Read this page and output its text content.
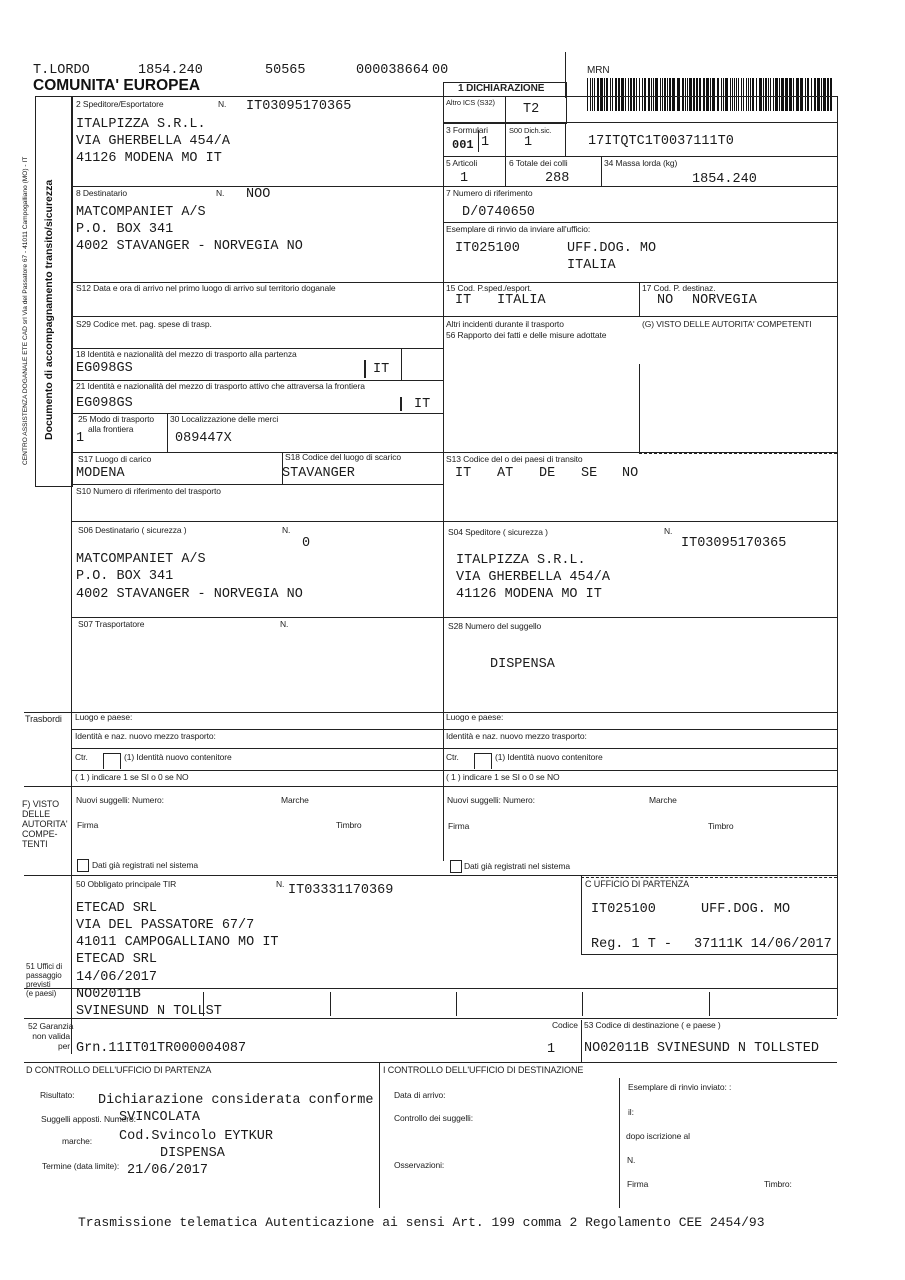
T.LORDO	1854.240	50565	000038664 00
COMUNITA' EUROPEA
MRN
Documento di accompagnamento transito/sicurezza
CENTRO ASSISTENZA DOGANALE ETE CAD srl Via del Passatore 67 - 41011 Campogalliano (MO) - IT
1 DICHIARAZIONE
Altro ICS (S32) T2
2 Speditore/Esportatore	N. IT03095170365
ITALPIZZA S.R.L.
VIA GHERBELLA 454/A
41126 MODENA MO IT
3 Formulari
001 1
S00 Dich.sic.
1	17ITQTC1T0037111T0
5 Articoli
1
6 Totale dei colli
288
34 Massa lorda (kg)
1854.240
8 Destinatario	N. NOO
MATCOMPANIET A/S
P.O. BOX 341
4002 STAVANGER - NORVEGIA NO
7 Numero di riferimento
D/0740650
Esemplare di rinvio da inviare all'ufficio:
IT025100	UFF.DOG. MO
ITALIA
S12 Data e ora di arrivo nel primo luogo di arrivo sul territorio doganale	15 Cod. P.sped./esport.
IT ITALIA
17 Cod. P. destinaz.
NO NORVEGIA
S29 Codice met. pag. spese di trasp.	Altri incidenti durante il trasporto
56 Rapporto dei fatti e delle misure adottate
(G) VISTO DELLE AUTORITA' COMPETENTI
18 Identità e nazionalità del mezzo di trasporto alla partenza
EG098GS	IT
21 Identità e nazionalità del mezzo di trasporto attivo che attraversa la frontiera
EG098GS	IT
25 Modo di trasporto
alla frontiera
1
30 Localizzazione delle merci
089447X
S17 Luogo di carico
MODENA
S18 Codice del luogo di scarico
STAVANGER
S13 Codice del o dei paesi di transito
IT AT DE SE NO
S10 Numero di riferimento del trasporto
S06 Destinatario ( sicurezza )	N.
0
MATCOMPANIET A/S
P.O. BOX 341
4002 STAVANGER - NORVEGIA NO
S04 Speditore ( sicurezza )	N.
IT03095170365
ITALPIZZA S.R.L.
VIA GHERBELLA 454/A
41126 MODENA MO IT
S07 Trasportatore	N.	S28 Numero del suggello
DISPENSA
Trasbordi Luogo e paese:	Luogo e paese:
Identità e naz. nuovo mezzo trasporto:	Identità e naz. nuovo mezzo trasporto:
Ctr.	(1) Identità nuovo contenitore	Ctr.	(1) Identità nuovo contenitore
( 1 ) indicare 1 se SI o 0 se NO	( 1 ) indicare 1 se SI o 0 se NO
F) VISTO
DELLE
AUTORITA'
COMPE-
TENTI
Nuovi suggelli: Numero:	Marche	Nuovi suggelli: Numero:	Marche
Firma	Timbro	Firma	Timbro
Dati già registrati nel sistema	Dati già registrati nel sistema
50 Obbligato principale TIR	N. IT03331170369
ETECAD SRL
VIA DEL PASSATORE 67/7
41011 CAMPOGALLIANO MO IT
ETECAD SRL
14/06/2017
C UFFICIO DI PARTENZA
IT025100	UFF.DOG. MO
Reg. 1 T - 37111K 14/06/2017
51 Uffici di
passaggio
previsti
(e paesi)	NO02011B
SVINESUND N TOLLST
52 Garanzia
non valida
per Grn.11IT01TR000004087
Codice
1
53 Codice di destinazione ( e paese )
NO02011B SVINESUND N TOLLSTED
D CONTROLLO DELL'UFFICIO DI PARTENZA
Risultato: Dichiarazione considerata conforme
Suggelli apposti. Numero:
SVINCOLATA
marche: Cod.Svincolo EYTKUR
DISPENSA
Termine (data limite): 21/06/2017
I CONTROLLO DELL'UFFICIO DI DESTINAZIONE
Data di arrivo:
Controllo dei suggelli:
Osservazioni:
Esemplare di rinvio inviato: :
il:
dopo iscrizione al
N.
Firma	Timbro:
Trasmissione telematica Autenticazione ai sensi Art. 199 comma 2 Regolamento CEE 2454/93
